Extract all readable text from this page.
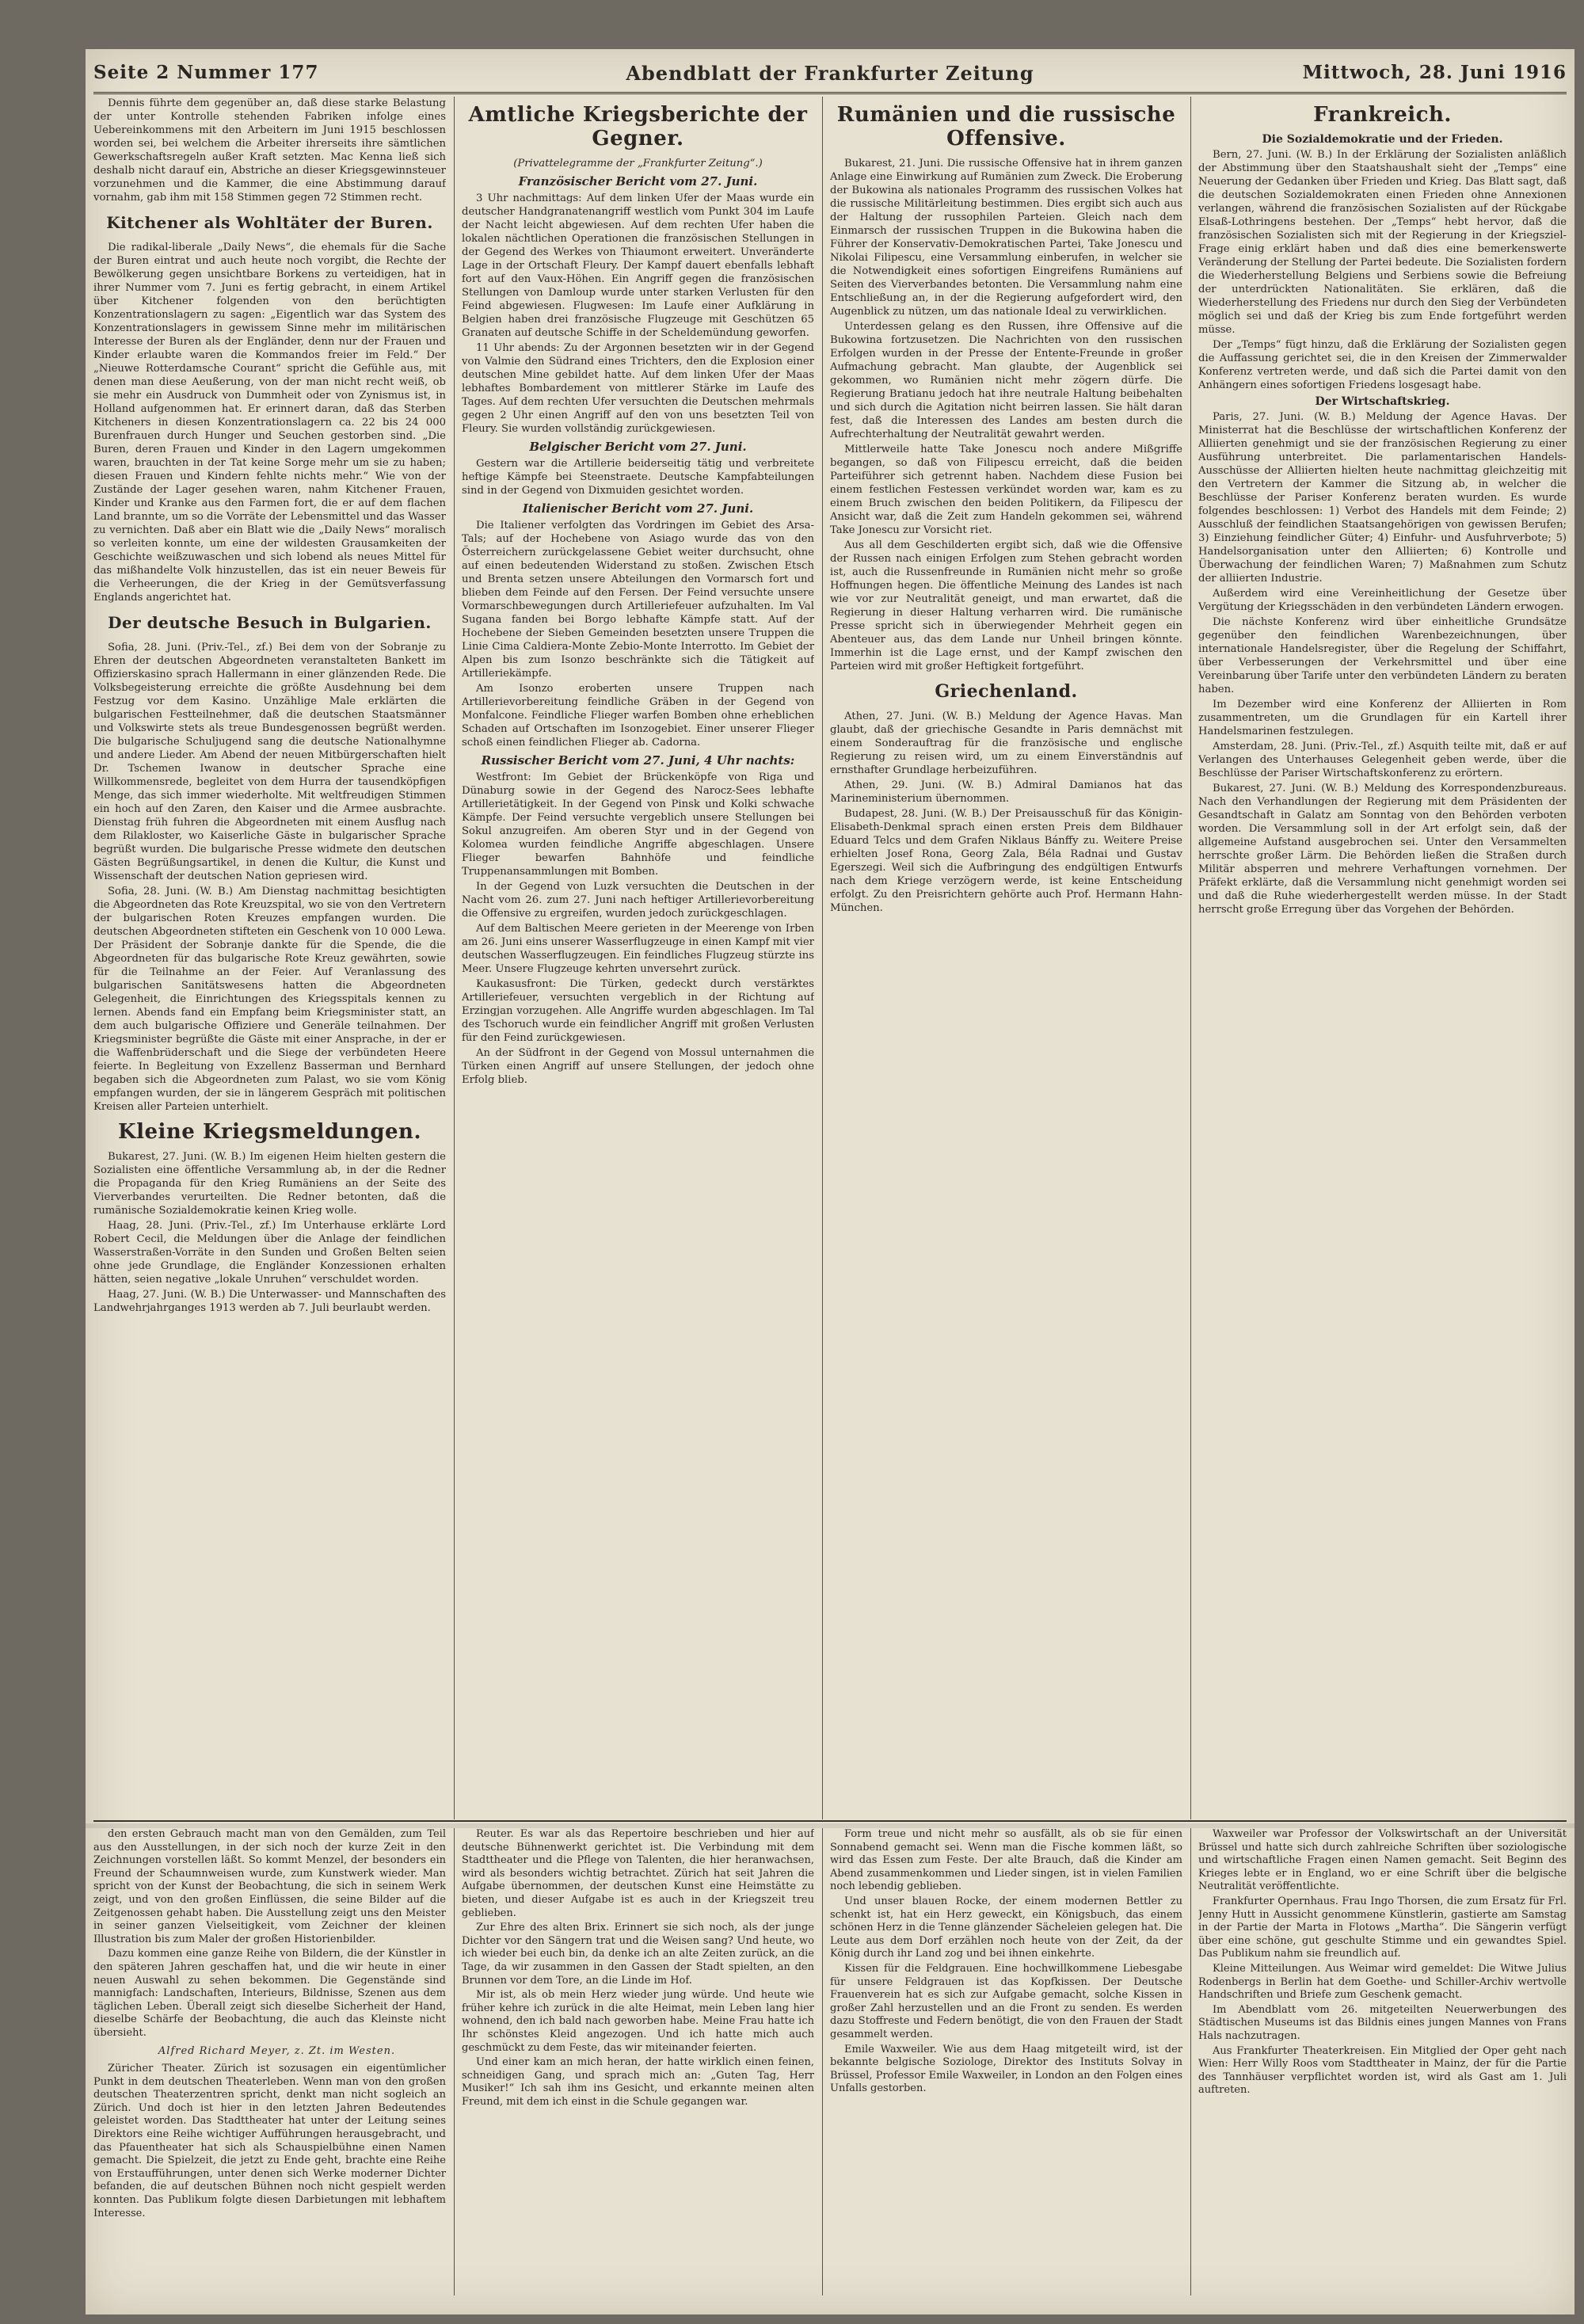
Seite 2 Nummer 177	Abendblatt der Frankfurter Zeitung	Mittwoch, 28. Juni 1916

Dennis führte dem gegenüber an, daß diese starke Belastung der unter Kontrolle stehenden Fabriken infolge eines Uebereinkommens mit den Arbeitern im Juni 1915 beschlossen worden sei, bei welchem die Arbeiter ihrerseits ihre sämtlichen Gewerkschaftsregeln außer Kraft setzten. Mac Kenna ließ sich deshalb nicht darauf ein, Abstriche an dieser Kriegsgewinnsteuer vorzunehmen und die Kammer, die eine Abstimmung darauf vornahm, gab ihm mit 158 Stimmen gegen 72 Stimmen recht.

Kitchener als Wohltäter der Buren.

Die radikal-liberale „Daily News“, die ehemals für die Sache der Buren eintrat und auch heute noch vorgibt, die Rechte der Bewölkerung gegen unsichtbare Borkens zu verteidigen, hat in ihrer Nummer vom 7. Juni es fertig gebracht, in einem Artikel über Kitchener folgenden von den berüchtigten Konzentrationslagern zu sagen: „Eigentlich war das System des Konzentrationslagers in gewissem Sinne mehr im militärischen Interesse der Buren als der Engländer, denn nur der Frauen und Kinder erlaubte waren die Kommandos freier im Feld.“ Der „Nieuwe Rotterdamsche Courant“ spricht die Gefühle aus, mit denen man diese Aeußerung, von der man nicht recht weiß, ob sie mehr ein Ausdruck von Dummheit oder von Zynismus ist, in Holland aufgenommen hat. Er erinnert daran, daß das Sterben Kitcheners in diesen Konzentrationslagern ca. 22 bis 24 000 Burenfrauen durch Hunger und Seuchen gestorben sind. „Die Buren, deren Frauen und Kinder in den Lagern umgekommen waren, brauchten in der Tat keine Sorge mehr um sie zu haben; diesen Frauen und Kindern fehlte nichts mehr.“ Wie von der Zustände der Lager gesehen waren, nahm Kitchener Frauen, Kinder und Kranke aus den Farmen fort, die er auf dem flachen Land brannte, um so die Vorräte der Lebensmittel und das Wasser zu vernichten. Daß aber ein Blatt wie die „Daily News“ moralisch so verleiten konnte, um eine der wildesten Grausamkeiten der Geschichte weißzuwaschen und sich lobend als neues Mittel für das mißhandelte Volk hinzustellen, das ist ein neuer Beweis für die Verheerungen, die der Krieg in der Gemütsverfassung Englands angerichtet hat.

Der deutsche Besuch in Bulgarien.

Sofia, 28. Juni. (Priv.-Tel., zf.) Bei dem von der Sobranje zu Ehren der deutschen Abgeordneten veranstalteten Bankett im Offizierskasino sprach Hallermann in einer glänzenden Rede. Die Volksbegeisterung erreichte die größte Ausdehnung bei dem Festzug vor dem Kasino. Unzählige Male erklärten die bulgarischen Festteilnehmer, daß die deutschen Staatsmänner und Volkswirte stets als treue Bundesgenossen begrüßt werden. Die bulgarische Schuljugend sang die deutsche Nationalhymne und andere Lieder. Am Abend der neuen Mitbürgerschaften hielt Dr. Tschemen Iwanow in deutscher Sprache eine Willkommensrede, begleitet von dem Hurra der tausendköpfigen Menge, das sich immer wiederholte. Mit weltfreudigen Stimmen ein hoch auf den Zaren, den Kaiser und die Armee ausbrachte. Dienstag früh fuhren die Abgeordneten mit einem Ausflug nach dem Rilakloster, wo Kaiserliche Gäste in bulgarischer Sprache begrüßt wurden. Die bulgarische Presse widmete den deutschen Gästen Begrüßungsartikel, in denen die Kultur, die Kunst und Wissenschaft der deutschen Nation gepriesen wird.

Sofia, 28. Juni. (W. B.) Am Dienstag nachmittag besichtigten die Abgeordneten das Rote Kreuzspital, wo sie von den Vertretern der bulgarischen Roten Kreuzes empfangen wurden. Die deutschen Abgeordneten stifteten ein Geschenk von 10 000 Lewa. Der Präsident der Sobranje dankte für die Spende, die die Abgeordneten für das bulgarische Rote Kreuz gewährten, sowie für die Teilnahme an der Feier. Auf Veranlassung des bulgarischen Sanitätswesens hatten die Abgeordneten Gelegenheit, die Einrichtungen des Kriegsspitals kennen zu lernen. Abends fand ein Empfang beim Kriegsminister statt, an dem auch bulgarische Offiziere und Generäle teilnahmen. Der Kriegsminister begrüßte die Gäste mit einer Ansprache, in der er die Waffenbrüderschaft und die Siege der verbündeten Heere feierte. In Begleitung von Exzellenz Basserman und Bernhard begaben sich die Abgeordneten zum Palast, wo sie vom König empfangen wurden, der sie in längerem Gespräch mit politischen Kreisen aller Parteien unterhielt.

Kleine Kriegsmeldungen.

Bukarest, 27. Juni. (W. B.) Im eigenen Heim hielten gestern die Sozialisten eine öffentliche Versammlung ab, in der die Redner die Propaganda für den Krieg Rumäniens an der Seite des Vierverbandes verurteilten. Die Redner betonten, daß die rumänische Sozialdemokratie keinen Krieg wolle.

Haag, 28. Juni. (Priv.-Tel., zf.) Im Unterhause erklärte Lord Robert Cecil, die Meldungen über die Anlage der feindlichen Wasserstraßen-Vorräte in den Sunden und Großen Belten seien ohne jede Grundlage, die Engländer Konzessionen erhalten hätten, seien negative „lokale Unruhen“ verschuldet worden.

Haag, 27. Juni. (W. B.) Die Unterwasser- und Mannschaften des Landwehrjahrganges 1913 werden ab 7. Juli beurlaubt werden.

Amtliche Kriegsberichte der Gegner.

(Privattelegramme der „Frankfurter Zeitung“.)

Französischer Bericht vom 27. Juni.

3 Uhr nachmittags: Auf dem linken Ufer der Maas wurde ein deutscher Handgranatenangriff westlich vom Punkt 304 im Laufe der Nacht leicht abgewiesen. Auf dem rechten Ufer haben die lokalen nächtlichen Operationen die französischen Stellungen in der Gegend des Werkes von Thiaumont erweitert. Unveränderte Lage in der Ortschaft Fleury. Der Kampf dauert ebenfalls lebhaft fort auf den Vaux-Höhen. Ein Angriff gegen die französischen Stellungen von Damloup wurde unter starken Verlusten für den Feind abgewiesen. Flugwesen: Im Laufe einer Aufklärung in Belgien haben drei französische Flugzeuge mit Geschützen 65 Granaten auf deutsche Schiffe in der Scheldemündung geworfen.

11 Uhr abends: Zu der Argonnen besetzten wir in der Gegend von Valmie den Südrand eines Trichters, den die Explosion einer deutschen Mine gebildet hatte. Auf dem linken Ufer der Maas lebhaftes Bombardement von mittlerer Stärke im Laufe des Tages. Auf dem rechten Ufer versuchten die Deutschen mehrmals gegen 2 Uhr einen Angriff auf den von uns besetzten Teil von Fleury. Sie wurden vollständig zurückgewiesen.

Belgischer Bericht vom 27. Juni.

Gestern war die Artillerie beiderseitig tätig und verbreitete heftige Kämpfe bei Steenstraete. Deutsche Kampfabteilungen sind in der Gegend von Dixmuiden gesichtet worden.

Italienischer Bericht vom 27. Juni.

Die Italiener verfolgten das Vordringen im Gebiet des Arsa-Tals; auf der Hochebene von Asiago wurde das von den Österreichern zurückgelassene Gebiet weiter durchsucht, ohne auf einen bedeutenden Widerstand zu stoßen. Zwischen Etsch und Brenta setzen unsere Abteilungen den Vormarsch fort und blieben dem Feinde auf den Fersen. Der Feind versuchte unsere Vormarschbewegungen durch Artilleriefeuer aufzuhalten. Im Val Sugana fanden bei Borgo lebhafte Kämpfe statt. Auf der Hochebene der Sieben Gemeinden besetzten unsere Truppen die Linie Cima Caldiera-Monte Zebio-Monte Interrotto. Im Gebiet der Alpen bis zum Isonzo beschränkte sich die Tätigkeit auf Artilleriekämpfe.

Am Isonzo eroberten unsere Truppen nach Artillerievorbereitung feindliche Gräben in der Gegend von Monfalcone. Feindliche Flieger warfen Bomben ohne erheblichen Schaden auf Ortschaften im Isonzogebiet. Einer unserer Flieger schoß einen feindlichen Flieger ab. Cadorna.

Russischer Bericht vom 27. Juni, 4 Uhr nachts:

Westfront: Im Gebiet der Brückenköpfe von Riga und Dünaburg sowie in der Gegend des Narocz-Sees lebhafte Artillerietätigkeit. In der Gegend von Pinsk und Kolki schwache Kämpfe. Der Feind versuchte vergeblich unsere Stellungen bei Sokul anzugreifen. Am oberen Styr und in der Gegend von Kolomea wurden feindliche Angriffe abgeschlagen. Unsere Flieger bewarfen Bahnhöfe und feindliche Truppenansammlungen mit Bomben.

In der Gegend von Luzk versuchten die Deutschen in der Nacht vom 26. zum 27. Juni nach heftiger Artillerievorbereitung die Offensive zu ergreifen, wurden jedoch zurückgeschlagen.

Auf dem Baltischen Meere gerieten in der Meerenge von Irben am 26. Juni eins unserer Wasserflugzeuge in einen Kampf mit vier deutschen Wasserflugzeugen. Ein feindliches Flugzeug stürzte ins Meer. Unsere Flugzeuge kehrten unversehrt zurück.

Kaukasusfront: Die Türken, gedeckt durch verstärktes Artilleriefeuer, versuchten vergeblich in der Richtung auf Erzingjan vorzugehen. Alle Angriffe wurden abgeschlagen. Im Tal des Tschoruch wurde ein feindlicher Angriff mit großen Verlusten für den Feind zurückgewiesen.

An der Südfront in der Gegend von Mossul unternahmen die Türken einen Angriff auf unsere Stellungen, der jedoch ohne Erfolg blieb.

Rumänien und die russische Offensive.

Bukarest, 21. Juni. Die russische Offensive hat in ihrem ganzen Anlage eine Einwirkung auf Rumänien zum Zweck. Die Eroberung der Bukowina als nationales Programm des russischen Volkes hat die russische Militärleitung bestimmen. Dies ergibt sich auch aus der Haltung der russophilen Parteien. Gleich nach dem Einmarsch der russischen Truppen in die Bukowina haben die Führer der Konservativ-Demokratischen Partei, Take Jonescu und Nikolai Filipescu, eine Versammlung einberufen, in welcher sie die Notwendigkeit eines sofortigen Eingreifens Rumäniens auf Seiten des Vierverbandes betonten. Die Versammlung nahm eine Entschließung an, in der die Regierung aufgefordert wird, den Augenblick zu nützen, um das nationale Ideal zu verwirklichen.

Unterdessen gelang es den Russen, ihre Offensive auf die Bukowina fortzusetzen. Die Nachrichten von den russischen Erfolgen wurden in der Presse der Entente-Freunde in großer Aufmachung gebracht. Man glaubte, der Augenblick sei gekommen, wo Rumänien nicht mehr zögern dürfe. Die Regierung Bratianu jedoch hat ihre neutrale Haltung beibehalten und sich durch die Agitation nicht beirren lassen. Sie hält daran fest, daß die Interessen des Landes am besten durch die Aufrechterhaltung der Neutralität gewahrt werden.

Mittlerweile hatte Take Jonescu noch andere Mißgriffe begangen, so daß von Filipescu erreicht, daß die beiden Parteiführer sich getrennt haben. Nachdem diese Fusion bei einem festlichen Festessen verkündet worden war, kam es zu einem Bruch zwischen den beiden Politikern, da Filipescu der Ansicht war, daß die Zeit zum Handeln gekommen sei, während Take Jonescu zur Vorsicht riet.

Aus all dem Geschilderten ergibt sich, daß wie die Offensive der Russen nach einigen Erfolgen zum Stehen gebracht worden ist, auch die Russenfreunde in Rumänien nicht mehr so große Hoffnungen hegen. Die öffentliche Meinung des Landes ist nach wie vor zur Neutralität geneigt, und man erwartet, daß die Regierung in dieser Haltung verharren wird. Die rumänische Presse spricht sich in überwiegender Mehrheit gegen ein Abenteuer aus, das dem Lande nur Unheil bringen könnte. Immerhin ist die Lage ernst, und der Kampf zwischen den Parteien wird mit großer Heftigkeit fortgeführt.

Griechenland.

Athen, 27. Juni. (W. B.) Meldung der Agence Havas. Man glaubt, daß der griechische Gesandte in Paris demnächst mit einem Sonderauftrag für die französische und englische Regierung zu reisen wird, um zu einem Einverständnis auf ernsthafter Grundlage herbeizuführen.

Athen, 29. Juni. (W. B.) Admiral Damianos hat das Marineministerium übernommen.

Budapest, 28. Juni. (W. B.) Der Preisausschuß für das Königin-Elisabeth-Denkmal sprach einen ersten Preis dem Bildhauer Eduard Telcs und dem Grafen Niklaus Bánffy zu. Weitere Preise erhielten Josef Rona, Georg Zala, Béla Radnai und Gustav Egerszegi. Weil sich die Aufbringung des endgültigen Entwurfs nach dem Kriege verzögern werde, ist keine Entscheidung erfolgt. Zu den Preisrichtern gehörte auch Prof. Hermann Hahn-München.

Frankreich.
Die Sozialdemokratie und der Frieden.

Bern, 27. Juni. (W. B.) In der Erklärung der Sozialisten anläßlich der Abstimmung über den Staatshaushalt sieht der „Temps“ eine Neuerung der Gedanken über Frieden und Krieg. Das Blatt sagt, daß die deutschen Sozialdemokraten einen Frieden ohne Annexionen verlangen, während die französischen Sozialisten auf der Rückgabe Elsaß-Lothringens bestehen. Der „Temps“ hebt hervor, daß die französischen Sozialisten sich mit der Regierung in der Kriegsziel-Frage einig erklärt haben und daß dies eine bemerkenswerte Veränderung der Stellung der Partei bedeute. Die Sozialisten fordern die Wiederherstellung Belgiens und Serbiens sowie die Befreiung der unterdrückten Nationalitäten. Sie erklären, daß die Wiederherstellung des Friedens nur durch den Sieg der Verbündeten möglich sei und daß der Krieg bis zum Ende fortgeführt werden müsse.

Der „Temps“ fügt hinzu, daß die Erklärung der Sozialisten gegen die Auffassung gerichtet sei, die in den Kreisen der Zimmerwalder Konferenz vertreten werde, und daß sich die Partei damit von den Anhängern eines sofortigen Friedens losgesagt habe.

Der Wirtschaftskrieg.

Paris, 27. Juni. (W. B.) Meldung der Agence Havas. Der Ministerrat hat die Beschlüsse der wirtschaftlichen Konferenz der Alliierten genehmigt und sie der französischen Regierung zu einer Ausführung unterbreitet. Die parlamentarischen Handels-Ausschüsse der Alliierten hielten heute nachmittag gleichzeitig mit den Vertretern der Kammer die Sitzung ab, in welcher die Beschlüsse der Pariser Konferenz beraten wurden. Es wurde folgendes beschlossen: 1) Verbot des Handels mit dem Feinde; 2) Ausschluß der feindlichen Staatsangehörigen von gewissen Berufen; 3) Einziehung feindlicher Güter; 4) Einfuhr- und Ausfuhrverbote; 5) Handelsorganisation unter den Alliierten; 6) Kontrolle und Überwachung der feindlichen Waren; 7) Maßnahmen zum Schutz der alliierten Industrie.

Außerdem wird eine Vereinheitlichung der Gesetze über Vergütung der Kriegsschäden in den verbündeten Ländern erwogen.

Die nächste Konferenz wird über einheitliche Grundsätze gegenüber den feindlichen Warenbezeichnungen, über internationale Handelsregister, über die Regelung der Schiffahrt, über Verbesserungen der Verkehrsmittel und über eine Vereinbarung über Tarife unter den verbündeten Ländern zu beraten haben.

Im Dezember wird eine Konferenz der Alliierten in Rom zusammentreten, um die Grundlagen für ein Kartell ihrer Handelsmarinen festzulegen.

Amsterdam, 28. Juni. (Priv.-Tel., zf.) Asquith teilte mit, daß er auf Verlangen des Unterhauses Gelegenheit geben werde, über die Beschlüsse der Pariser Wirtschaftskonferenz zu erörtern.

Bukarest, 27. Juni. (W. B.) Meldung des Korrespondenzbureaus. Nach den Verhandlungen der Regierung mit dem Präsidenten der Gesandtschaft in Galatz am Sonntag von den Behörden verboten worden. Die Versammlung soll in der Art erfolgt sein, daß der allgemeine Aufstand ausgebrochen sei. Unter den Versammelten herrschte großer Lärm. Die Behörden ließen die Straßen durch Militär absperren und mehrere Verhaftungen vornehmen. Der Präfekt erklärte, daß die Versammlung nicht genehmigt worden sei und daß die Ruhe wiederhergestellt werden müsse. In der Stadt herrscht große Erregung über das Vorgehen der Behörden.

den ersten Gebrauch macht man von den Gemälden, zum Teil aus den Ausstellungen, in der sich noch der kurze Zeit in den Zeichnungen vorstellen läßt. So kommt Menzel, der besonders ein Freund der Schaumnweisen wurde, zum Kunstwerk wieder. Man spricht von der Kunst der Beobachtung, die sich in seinem Werk zeigt, und von den großen Einflüssen, die seine Bilder auf die Zeitgenossen gehabt haben. Die Ausstellung zeigt uns den Meister in seiner ganzen Vielseitigkeit, vom Zeichner der kleinen Illustration bis zum Maler der großen Historienbilder.

Dazu kommen eine ganze Reihe von Bildern, die der Künstler in den späteren Jahren geschaffen hat, und die wir heute in einer neuen Auswahl zu sehen bekommen. Die Gegenstände sind mannigfach: Landschaften, Interieurs, Bildnisse, Szenen aus dem täglichen Leben. Überall zeigt sich dieselbe Sicherheit der Hand, dieselbe Schärfe der Beobachtung, die auch das Kleinste nicht übersieht.

Alfred Richard Meyer, z. Zt. im Westen.

Züricher Theater. Zürich ist sozusagen ein eigentümlicher Punkt in dem deutschen Theaterleben. Wenn man von den großen deutschen Theaterzentren spricht, denkt man nicht sogleich an Zürich. Und doch ist hier in den letzten Jahren Bedeutendes geleistet worden. Das Stadttheater hat unter der Leitung seines Direktors eine Reihe wichtiger Aufführungen herausgebracht, und das Pfauentheater hat sich als Schauspielbühne einen Namen gemacht. Die Spielzeit, die jetzt zu Ende geht, brachte eine Reihe von Erstaufführungen, unter denen sich Werke moderner Dichter befanden, die auf deutschen Bühnen noch nicht gespielt werden konnten. Das Publikum folgte diesen Darbietungen mit lebhaftem Interesse.

Reuter. Es war als das Repertoire beschrieben und hier auf deutsche Bühnenwerkt gerichtet ist. Die Verbindung mit dem Stadttheater und die Pflege von Talenten, die hier heranwachsen, wird als besonders wichtig betrachtet. Zürich hat seit Jahren die Aufgabe übernommen, der deutschen Kunst eine Heimstätte zu bieten, und dieser Aufgabe ist es auch in der Kriegszeit treu geblieben.

Zur Ehre des alten Brix. Erinnert sie sich noch, als der junge Dichter vor den Sängern trat und die Weisen sang? Und heute, wo ich wieder bei euch bin, da denke ich an alte Zeiten zurück, an die Tage, da wir zusammen in den Gassen der Stadt spielten, an den Brunnen vor dem Tore, an die Linde im Hof.

Mir ist, als ob mein Herz wieder jung würde. Und heute wie früher kehre ich zurück in die alte Heimat, mein Leben lang hier wohnend, den ich bald nach geworben habe. Meine Frau hatte ich Ihr schönstes Kleid angezogen. Und ich hatte mich auch geschmückt zu dem Feste, das wir miteinander feierten.

Und einer kam an mich heran, der hatte wirklich einen feinen, schneidigen Gang, und sprach mich an: „Guten Tag, Herr Musiker!“ Ich sah ihm ins Gesicht, und erkannte meinen alten Freund, mit dem ich einst in die Schule gegangen war.

Form treue und nicht mehr so ausfällt, als ob sie für einen Sonnabend gemacht sei. Wenn man die Fische kommen läßt, so wird das Essen zum Feste. Der alte Brauch, daß die Kinder am Abend zusammenkommen und Lieder singen, ist in vielen Familien noch lebendig geblieben.

Und unser blauen Rocke, der einem modernen Bettler zu schenkt ist, hat ein Herz geweckt, ein Königsbuch, das einem schönen Herz in die Tenne glänzender Sächeleien gelegen hat. Die Leute aus dem Dorf erzählen noch heute von der Zeit, da der König durch ihr Land zog und bei ihnen einkehrte.

Kissen für die Feldgrauen. Eine hochwillkommene Liebesgabe für unsere Feldgrauen ist das Kopfkissen. Der Deutsche Frauenverein hat es sich zur Aufgabe gemacht, solche Kissen in großer Zahl herzustellen und an die Front zu senden. Es werden dazu Stoffreste und Federn benötigt, die von den Frauen der Stadt gesammelt werden.

Emile Waxweiler. Wie aus dem Haag mitgeteilt wird, ist der bekannte belgische Soziologe, Direktor des Instituts Solvay in Brüssel, Professor Emile Waxweiler, in London an den Folgen eines Unfalls gestorben.

Waxweiler war Professor der Volkswirtschaft an der Universität Brüssel und hatte sich durch zahlreiche Schriften über soziologische und wirtschaftliche Fragen einen Namen gemacht. Seit Beginn des Krieges lebte er in England, wo er eine Schrift über die belgische Neutralität veröffentlichte.

Frankfurter Opernhaus. Frau Ingo Thorsen, die zum Ersatz für Frl. Jenny Hutt in Aussicht genommene Künstlerin, gastierte am Samstag in der Partie der Marta in Flotows „Martha“. Die Sängerin verfügt über eine schöne, gut geschulte Stimme und ein gewandtes Spiel. Das Publikum nahm sie freundlich auf.

Kleine Mitteilungen. Aus Weimar wird gemeldet: Die Witwe Julius Rodenbergs in Berlin hat dem Goethe- und Schiller-Archiv wertvolle Handschriften und Briefe zum Geschenk gemacht.

Im Abendblatt vom 26. mitgeteilten Neuerwerbungen des Städtischen Museums ist das Bildnis eines jungen Mannes von Frans Hals nachzutragen.

Aus Frankfurter Theaterkreisen. Ein Mitglied der Oper geht nach Wien: Herr Willy Roos vom Stadttheater in Mainz, der für die Partie des Tannhäuser verpflichtet worden ist, wird als Gast am 1. Juli auftreten.
